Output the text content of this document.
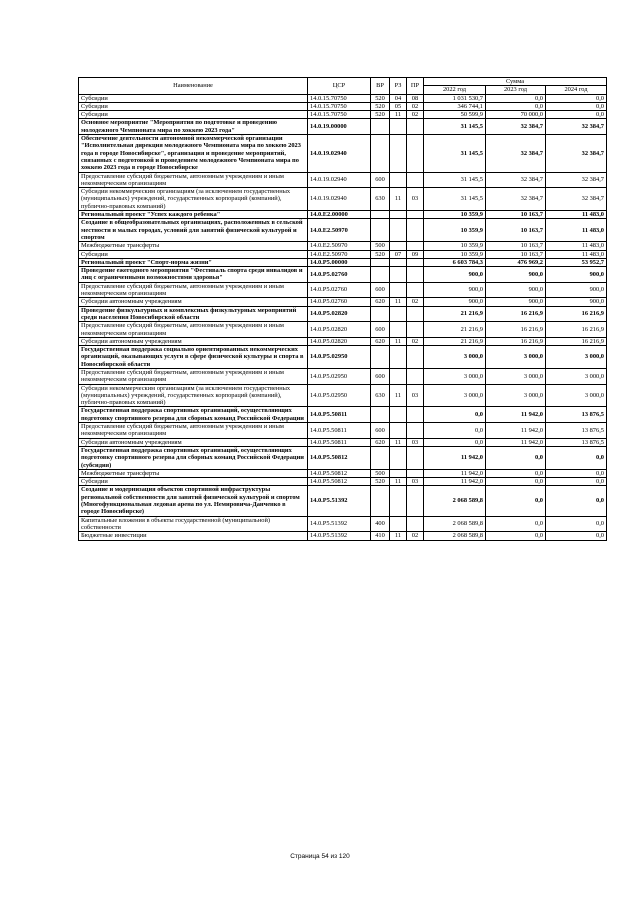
Наименование	ЦСР	ВР	РЗ	ПР	Сумма		
					2022 год	2023 год	2024 год
Субсидии	14.0.15.70750	520	04	08	1 031 530,7	0,0	0,0
Субсидии	14.0.15.70750	520	05	02	346 744,1	0,0	0,0
Субсидии	14.0.15.70750	520	11	02	50 599,9	70 000,0	0,0
Основное мероприятие "Мероприятия по подготовке и проведению молодежного Чемпионата мира по хоккею 2023 года"	14.0.19.00000				31 145,5	32 384,7	32 384,7
Обеспечение деятельности автономной некоммерческой организации "Исполнительная дирекция молодежного Чемпионата мира по хоккею 2023 года в городе Новосибирске", организация и проведение мероприятий, связанных с подготовкой и проведением молодежного Чемпионата мира по хоккею 2023 года в городе Новосибирске	14.0.19.02940				31 145,5	32 384,7	32 384,7
Предоставление субсидий бюджетным, автономным учреждениям и иным некоммерческим организациям	14.0.19.02940	600			31 145,5	32 384,7	32 384,7
Субсидии некоммерческим организациям (за исключением государственных (муниципальных) учреждений, государственных корпораций (компаний), публично-правовых компаний)	14.0.19.02940	630	11	03	31 145,5	32 384,7	32 384,7
Региональный проект "Успех каждого ребенка"	14.0.E2.00000				10 359,9	10 163,7	11 483,0
Создание в общеобразовательных организациях, расположенных в сельской местности и малых городах, условий для занятий физической культурой и спортом	14.0.E2.50970				10 359,9	10 163,7	11 483,0
Межбюджетные трансферты	14.0.E2.50970	500			10 359,9	10 163,7	11 483,0
Субсидии	14.0.E2.50970	520	07	09	10 359,9	10 163,7	11 483,0
Региональный проект "Спорт-норма жизни"	14.0.P5.00000				6 603 784,3	476 969,2	53 952,7
Проведение ежегодного мероприятия "Фестиваль спорта среди инвалидов и лиц с ограниченными возможностями здоровья"	14.0.P5.02760				900,0	900,0	900,0
Предоставление субсидий бюджетным, автономным учреждениям и иным некоммерческим организациям	14.0.P5.02760	600			900,0	900,0	900,0
Субсидии автономным учреждениям	14.0.P5.02760	620	11	02	900,0	900,0	900,0
Проведение физкультурных и комплексных физкультурных мероприятий среди населения Новосибирской области	14.0.P5.02820				21 216,9	16 216,9	16 216,9
Предоставление субсидий бюджетным, автономным учреждениям и иным некоммерческим организациям	14.0.P5.02820	600			21 216,9	16 216,9	16 216,9
Субсидии автономным учреждениям	14.0.P5.02820	620	11	02	21 216,9	16 216,9	16 216,9
Государственная поддержка социально ориентированных некоммерческих организаций, оказывающих услуги в сфере физической культуры и спорта в Новосибирской области	14.0.P5.02950				3 000,0	3 000,0	3 000,0
Предоставление субсидий бюджетным, автономным учреждениям и иным некоммерческим организациям	14.0.P5.02950	600			3 000,0	3 000,0	3 000,0
Субсидии некоммерческим организациям (за исключением государственных (муниципальных) учреждений, государственных корпораций (компаний), публично-правовых компаний)	14.0.P5.02950	630	11	03	3 000,0	3 000,0	3 000,0
Государственная поддержка спортивных организаций, осуществляющих подготовку спортивного резерва для сборных команд Российской Федерации	14.0.P5.50811				0,0	11 942,0	13 876,5
Предоставление субсидий бюджетным, автономным учреждениям и иным некоммерческим организациям	14.0.P5.50811	600			0,0	11 942,0	13 876,5
Субсидии автономным учреждениям	14.0.P5.50811	620	11	03	0,0	11 942,0	13 876,5
Государственная поддержка спортивных организаций, осуществляющих подготовку спортивного резерва для сборных команд Российской Федерации (субсидия)	14.0.P5.50812				11 942,0	0,0	0,0
Межбюджетные трансферты	14.0.P5.50812	500			11 942,0	0,0	0,0
Субсидии	14.0.P5.50812	520	11	03	11 942,0	0,0	0,0
Создание и модернизация объектов спортивной инфраструктуры региональной собственности для занятий физической культурой и спортом (Многофункциональная ледовая арена по ул. Немировича-Данченко в городе Новосибирске)	14.0.P5.51392				2 068 589,8	0,0	0,0
Капитальные вложения в объекты государственной (муниципальной) собственности	14.0.P5.51392	400			2 068 589,8	0,0	0,0
Бюджетные инвестиции	14.0.P5.51392	410	11	02	2 068 589,8	0,0	0,0
Страница 54 из 120
